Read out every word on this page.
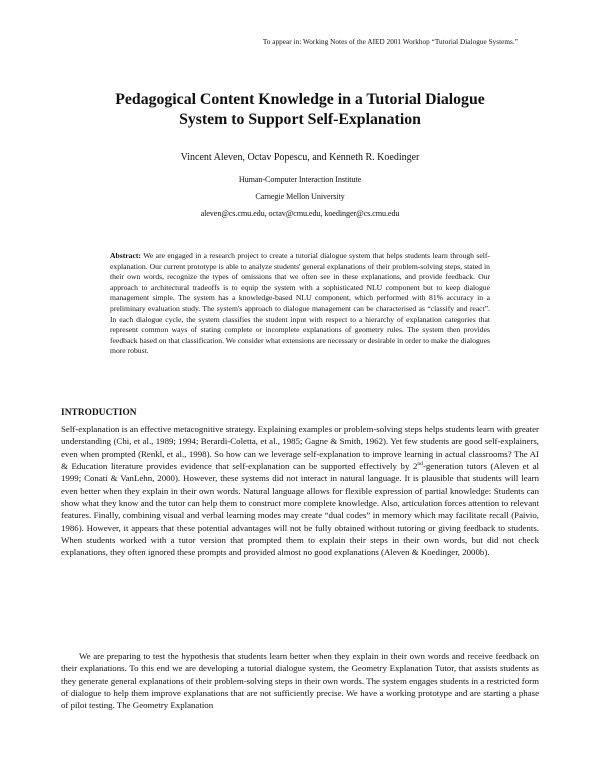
To appear in: Working Notes of the AIED 2001 Workhop “Tutorial Dialogue Systems.”
Pedagogical Content Knowledge in a Tutorial Dialogue
System to Support Self-Explanation
Vincent Aleven, Octav Popescu, and Kenneth R. Koedinger
Human-Computer Interaction Institute
Carnegie Mellon University
aleven@cs.cmu.edu, octav@cmu.edu, koedinger@cs.cmu.edu
Abstract: We are engaged in a research project to create a tutorial dialogue system that helps students learn through self-explanation. Our current prototype is able to analyze students' general explanations of their problem-solving steps, stated in their own words, recognize the types of omissions that we often see in these explanations, and provide feedback. Our approach to architectural tradeoffs is to equip the system with a sophisticated NLU component but to keep dialogue management simple. The system has a knowledge-based NLU component, which performed with 81% accuracy in a preliminary evaluation study. The system's approach to dialogue management can be characterised as “classify and react”. In each dialogue cycle, the system classifies the student input with respect to a hierarchy of explanation categories that represent common ways of stating complete or incomplete explanations of geometry rules. The system then provides feedback based on that classification. We consider what extensions are necessary or desirable in order to make the dialogues more robust.
INTRODUCTION
Self-explanation is an effective metacognitive strategy. Explaining examples or problem-solving steps helps students learn with greater understanding (Chi, et al., 1989; 1994; Berardi-Coletta, et al., 1985; Gagne & Smith, 1962). Yet few students are good self-explainers, even when prompted (Renkl, et al., 1998). So how can we leverage self-explanation to improve learning in actual classrooms? The AI & Education literature provides evidence that self-explanation can be supported effectively by 2nd-generation tutors (Aleven et al 1999; Conati & VanLehn, 2000). However, these systems did not interact in natural language. It is plausible that students will learn even better when they explain in their own words. Natural language allows for flexible expression of partial knowledge: Students can show what they know and the tutor can help them to construct more complete knowledge. Also, articulation forces attention to relevant features. Finally, combining visual and verbal learning modes may create “dual codes” in memory which may facilitate recall (Paivio, 1986). However, it appears that these potential advantages will not be fully obtained without tutoring or giving feedback to students. When students worked with a tutor version that prompted them to explain their steps in their own words, but did not check explanations, they often ignored these prompts and provided almost no good explanations (Aleven & Koedinger, 2000b).
We are preparing to test the hypothesis that students learn better when they explain in their own words and receive feedback on their explanations. To this end we are developing a tutorial dialogue system, the Geometry Explanation Tutor, that assists students as they generate general explanations of their problem-solving steps in their own words. The system engages students in a restricted form of dialogue to help them improve explanations that are not sufficiently precise. We have a working prototype and are starting a phase of pilot testing. The Geometry Explanation
